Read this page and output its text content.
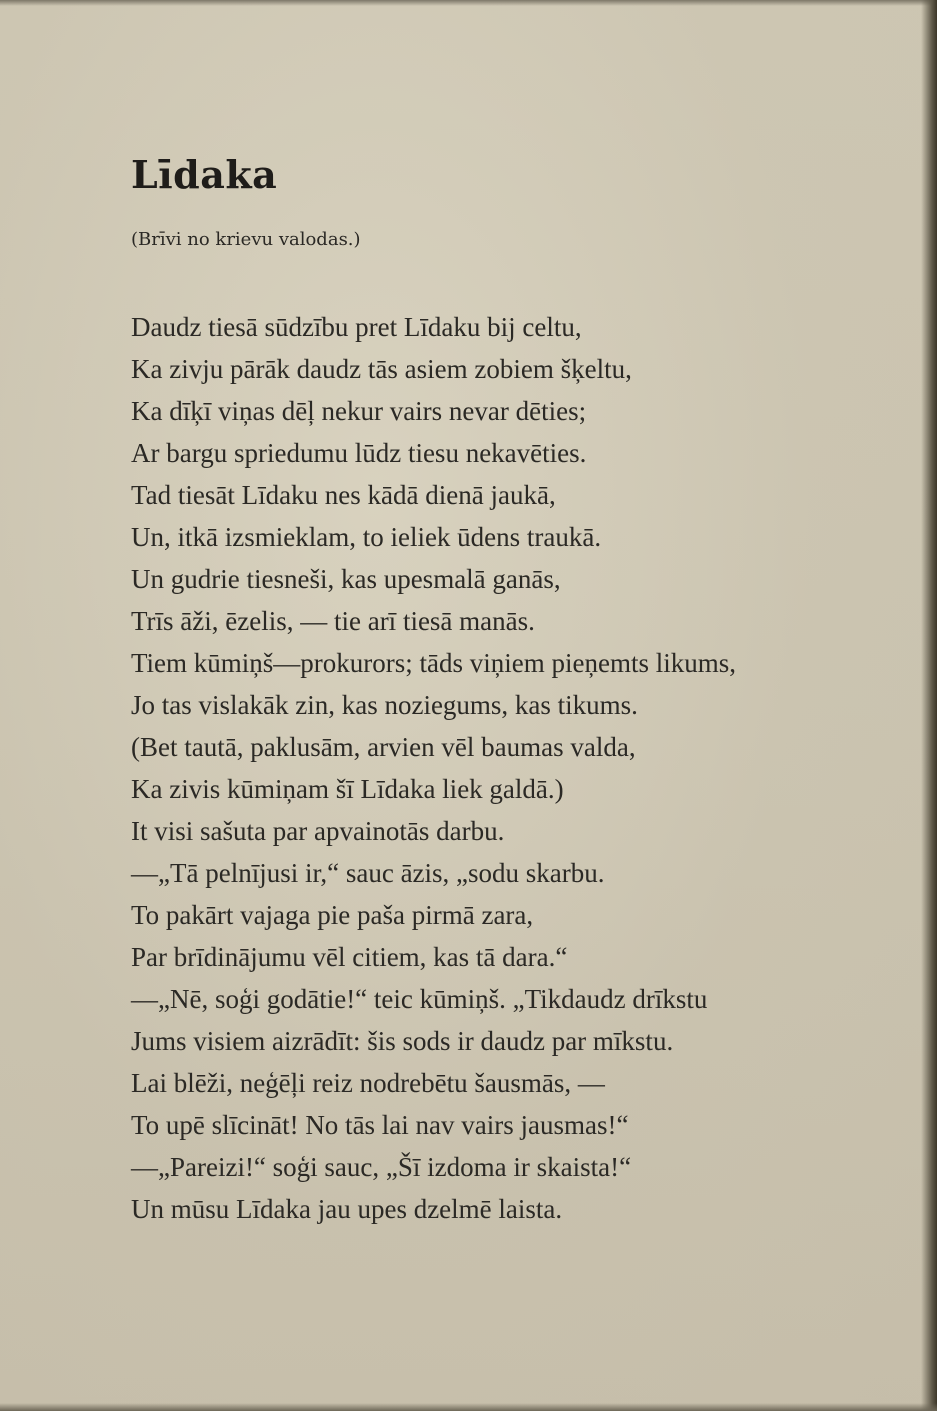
Līdaka
(Brīvi no krievu valodas.)
Daudz tiesā sūdzību pret Līdaku bij celtu,
Ka zivju pārāk daudz tās asiem zobiem šķeltu,
Ka dīķī viņas dēļ nekur vairs nevar dēties;
Ar bargu spriedumu lūdz tiesu nekavēties.
Tad tiesāt Līdaku nes kādā dienā jaukā,
Un, itkā izsmieklam, to ieliek ūdens traukā.
Un gudrie tiesneši, kas upesmalā ganās,
Trīs āži, ēzelis, — tie arī tiesā manās.
Tiem kūmiņš—prokurors; tāds viņiem pieņemts likums,
Jo tas vislakāk zin, kas noziegums, kas tikums.
(Bet tautā, paklusām, arvien vēl baumas valda,
Ka zivis kūmiņam šī Līdaka liek galdā.)
It visi sašuta par apvainotās darbu.
—„Tā pelnījusi ir,“ sauc āzis, „sodu skarbu.
To pakārt vajaga pie paša pirmā zara,
Par brīdinājumu vēl citiem, kas tā dara.“
—„Nē, soģi godātie!“ teic kūmiņš. „Tikdaudz drīkstu
Jums visiem aizrādīt: šis sods ir daudz par mīkstu.
Lai blēži, neģēļi reiz nodrebētu šausmās, —
To upē slīcināt! No tās lai nav vairs jausmas!“
—„Pareizi!“ soģi sauc, „Šī izdoma ir skaista!“
Un mūsu Līdaka jau upes dzelmē laista.
